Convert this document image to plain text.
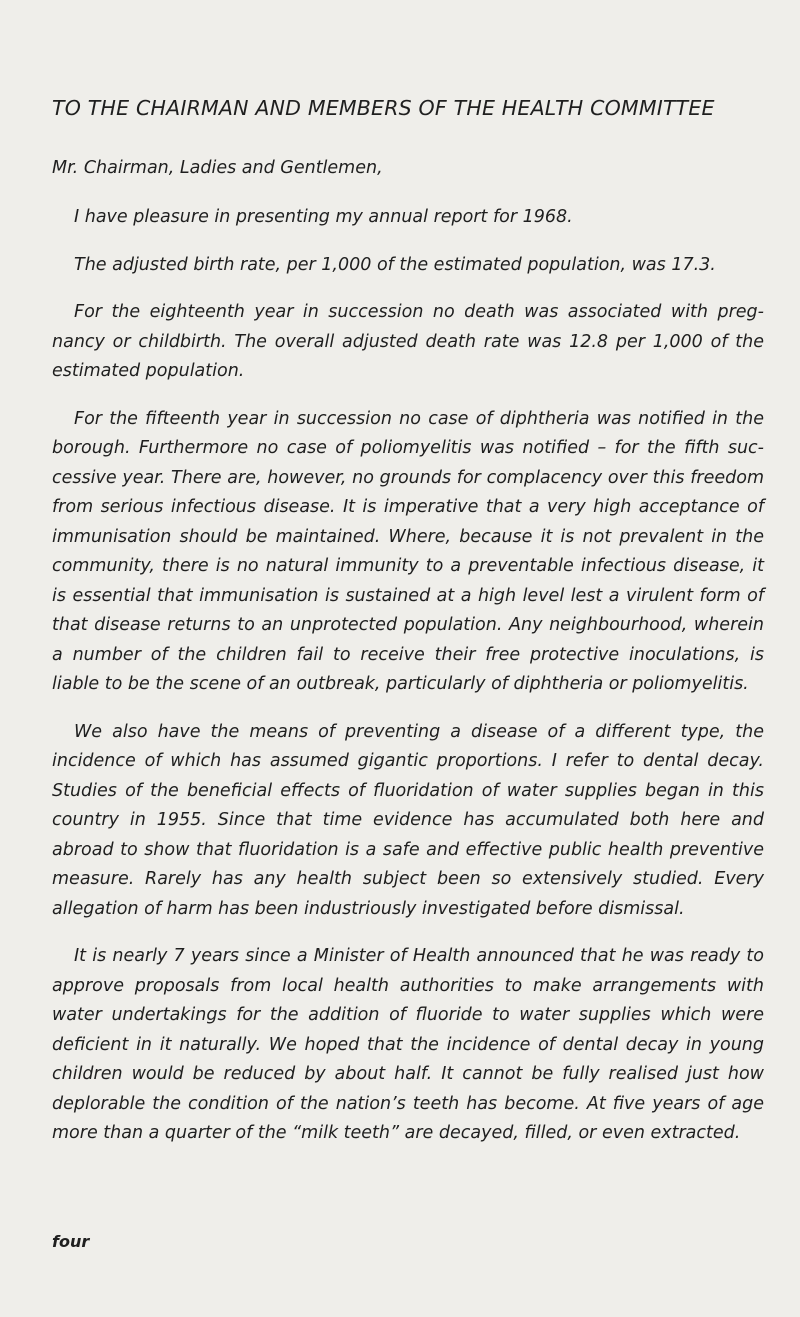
TO THE CHAIRMAN AND MEMBERS OF THE HEALTH COMMITTEE

Mr. Chairman, Ladies and Gentlemen,

I have pleasure in presenting my annual report for 1968.

The adjusted birth rate, per 1,000 of the estimated population, was 17.3.

For the eighteenth year in succession no death was associated with pregnancy or childbirth. The overall adjusted death rate was 12.8 per 1,000 of the estimated population.

For the fifteenth year in succession no case of diphtheria was notified in the borough. Furthermore no case of poliomyelitis was notified – for the fifth successive year. There are, however, no grounds for complacency over this freedom from serious infectious disease. It is imperative that a very high acceptance of immunisation should be maintained. Where, because it is not prevalent in the community, there is no natural immunity to a preventable infectious disease, it is essential that immunisation is sustained at a high level lest a virulent form of that disease returns to an unprotected population. Any neighbourhood, wherein a number of the children fail to receive their free protective inoculations, is liable to be the scene of an outbreak, particularly of diphtheria or poliomyelitis.

We also have the means of preventing a disease of a different type, the incidence of which has assumed gigantic proportions. I refer to dental decay. Studies of the beneficial effects of fluoridation of water supplies began in this country in 1955. Since that time evidence has accumulated both here and abroad to show that fluoridation is a safe and effective public health preventive measure. Rarely has any health subject been so extensively studied. Every allegation of harm has been industriously investigated before dismissal.

It is nearly 7 years since a Minister of Health announced that he was ready to approve proposals from local health authorities to make arrangements with water undertakings for the addition of fluoride to water supplies which were deficient in it naturally. We hoped that the incidence of dental decay in young children would be reduced by about half. It cannot be fully realised just how deplorable the condition of the nation’s teeth has become. At five years of age more than a quarter of the “milk teeth” are decayed, filled, or even extracted.

four
